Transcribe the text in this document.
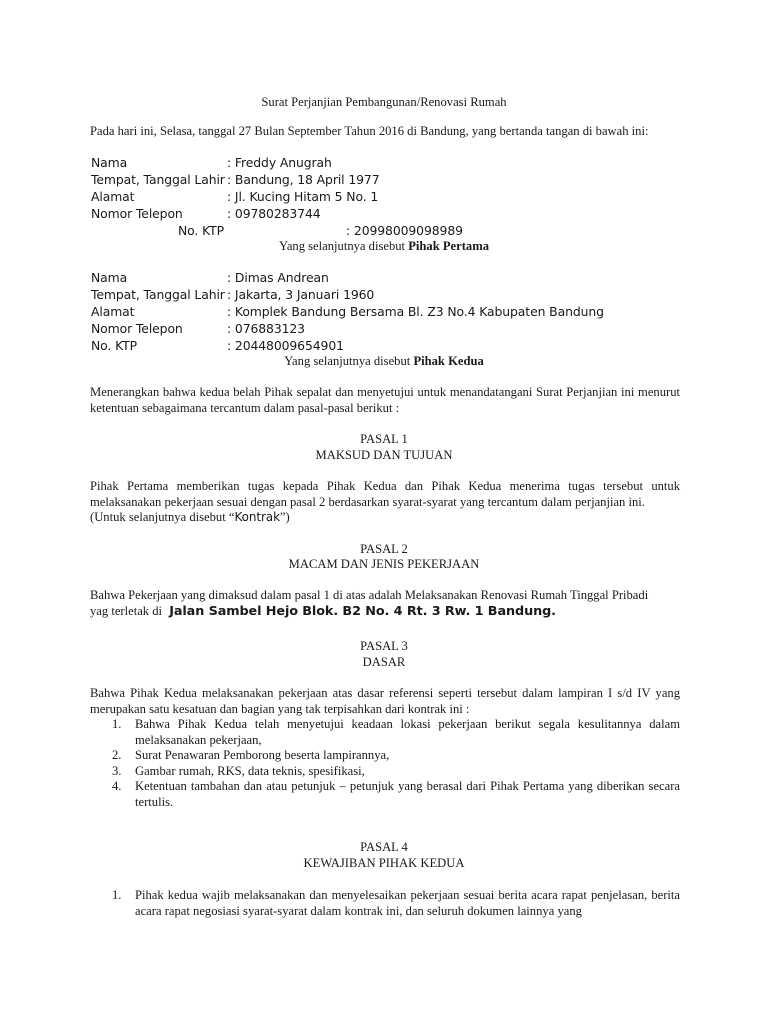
Surat Perjanjian Pembangunan/Renovasi Rumah
Pada hari ini, Selasa, tanggal 27 Bulan September Tahun 2016 di Bandung, yang bertanda tangan di bawah ini:
Nama	: Freddy Anugrah
Tempat, Tanggal Lahir : Bandung, 18 April 1977
Alamat	: Jl. Kucing Hitam 5 No. 1
Nomor Telepon	: 09780283744
No. KTP	: 20998009098989
Yang selanjutnya disebut Pihak Pertama
Nama	: Dimas Andrean
Tempat, Tanggal Lahir : Jakarta, 3 Januari 1960
Alamat	: Komplek Bandung Bersama Bl. Z3 No.4 Kabupaten Bandung
Nomor Telepon	: 076883123
No. KTP	: 20448009654901
Yang selanjutnya disebut Pihak Kedua
Menerangkan bahwa kedua belah Pihak sepalat dan menyetujui untuk menandatangani Surat Perjanjian ini menurut ketentuan sebagaimana tercantum dalam pasal-pasal berikut :
PASAL 1
MAKSUD DAN TUJUAN
Pihak Pertama memberikan tugas kepada Pihak Kedua dan Pihak Kedua menerima tugas tersebut untuk melaksanakan pekerjaan sesuai dengan pasal 2 berdasarkan syarat-syarat yang tercantum dalam perjanjian ini.
(Untuk selanjutnya disebut “Kontrak”)
PASAL 2
MACAM DAN JENIS PEKERJAAN
Bahwa Pekerjaan yang dimaksud dalam pasal 1 di atas adalah Melaksanakan Renovasi Rumah Tinggal Pribadi
yag terletak di Jalan Sambel Hejo Blok. B2 No. 4 Rt. 3 Rw. 1 Bandung.
PASAL 3
DASAR
Bahwa Pihak Kedua melaksanakan pekerjaan atas dasar referensi seperti tersebut dalam lampiran I s/d IV yang merupakan satu kesatuan dan bagian yang tak terpisahkan dari kontrak ini :
1. Bahwa Pihak Kedua telah menyetujui keadaan lokasi pekerjaan berikut segala kesulitannya dalam melaksanakan pekerjaan,
2. Surat Penawaran Pemborong beserta lampirannya,
3. Gambar rumah, RKS, data teknis, spesifikasi,
4. Ketentuan tambahan dan atau petunjuk – petunjuk yang berasal dari Pihak Pertama yang diberikan secara tertulis.
PASAL 4
KEWAJIBAN PIHAK KEDUA
1. Pihak kedua wajib melaksanakan dan menyelesaikan pekerjaan sesuai berita acara rapat penjelasan, berita acara rapat negosiasi syarat-syarat dalam kontrak ini, dan seluruh dokumen lainnya yang
